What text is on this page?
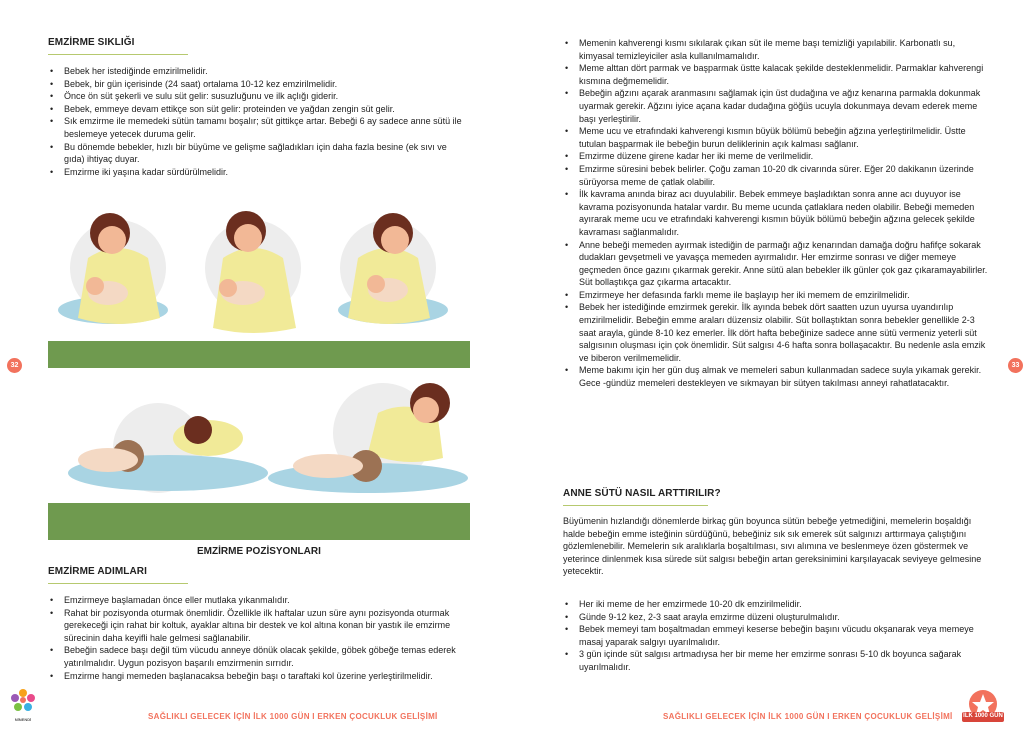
EMZİRME SIKLIĞI
• Bebek her istediğinde emzirilmelidir.
• Bebek, bir gün içerisinde (24 saat) ortalama 10-12 kez emzirilmelidir.
• Önce ön süt şekerli ve sulu süt gelir: susuzluğunu ve ilk açlığı giderir.
• Bebek, emmeye devam ettikçe son süt gelir: proteinden ve yağdan zengin süt gelir.
• Sık emzirme ile memedeki sütün tamamı boşalır; süt gittikçe artar. Bebeği 6 ay sadece anne sütü ile beslemeye yetecek duruma gelir.
• Bu dönemde bebekler, hızlı bir büyüme ve gelişme sağladıkları için daha fazla besine (ek sıvı ve gıda) ihtiyaç duyar.
• Emzirme iki yaşına kadar sürdürülmelidir.
EMZİRME POZİSYONLARI
EMZİRME ADIMLARI
• Emzirmeye başlamadan önce eller mutlaka yıkanmalıdır.
• Rahat bir pozisyonda oturmak önemlidir. Özellikle ilk haftalar uzun süre aynı pozisyonda oturmak gerekeceği için rahat bir koltuk, ayaklar altına bir destek ve kol altına konan bir yastık ile emzirme sürecinin daha keyifli hale gelmesi sağlanabilir.
• Bebeğin sadece başı değil tüm vücudu anneye dönük olacak şekilde, göbek göbeğe temas ederek yatırılmalıdır. Uygun pozisyon başarılı emzirmenin sırrıdır.
• Emzirme hangi memeden başlanacaksa bebeğin başı o taraftaki kol üzerine yerleştirilmelidir.
32
NİNENDİ	SAĞLIKLI GELECEK İÇİN İLK 1000 GÜN I ERKEN ÇOCUKLUK GELİŞİMİ
• Memenin kahverengi kısmı sıkılarak çıkan süt ile meme başı temizliği yapılabilir. Karbonatlı su, kimyasal temizleyiciler asla kullanılmamalıdır.
• Meme alttan dört parmak ve başparmak üstte kalacak şekilde desteklenmelidir. Parmaklar kahverengi kısmına değmemelidir.
• Bebeğin ağzını açarak aranmasını sağlamak için üst dudağına ve ağız kenarına parmakla dokunmak uyarmak gerekir. Ağzını iyice açana kadar dudağına göğüs ucuyla dokunmaya devam ederek meme başı yerleştirilir.
• Meme ucu ve etrafındaki kahverengi kısmın büyük bölümü bebeğin ağzına yerleştirilmelidir. Üstte tutulan başparmak ile bebeğin burun deliklerinin açık kalması sağlanır.
• Emzirme düzene girene kadar her iki meme de verilmelidir.
• Emzirme süresini bebek belirler. Çoğu zaman 10-20 dk civarında sürer. Eğer 20 dakikanın üzerinde sürüyorsa meme de çatlak olabilir.
• İlk kavrama anında biraz acı duyulabilir. Bebek emmeye başladıktan sonra anne acı duyuyor ise kavrama pozisyonunda hatalar vardır. Bu meme ucunda çatlaklara neden olabilir. Bebeği memeden ayırarak meme ucu ve etrafındaki kahverengi kısmın büyük bölümü bebeğin ağzına gelecek şekilde kavraması sağlanmalıdır.
• Anne bebeği memeden ayırmak istediğin de parmağı ağız kenarından damağa doğru hafifçe sokarak dudakları gevşetmeli ve yavaşça memeden ayırmalıdır. Her emzirme sonrası ve diğer memeye geçmeden önce gazını çıkarmak gerekir. Anne sütü alan bebekler ilk günler çok gaz çıkaramayabilirler. Süt bollaştıkça gaz çıkarma artacaktır.
• Emzirmeye her defasında farklı meme ile başlayıp her iki memem de emzirilmelidir.
• Bebek her istediğinde emzirmek gerekir. İlk ayında bebek dört saatten uzun uyursa uyandırılıp emzirilmelidir. Bebeğin emme araları düzensiz olabilir. Süt bollaştıktan sonra bebekler genellikle 2-3 saat arayla, günde 8-10 kez emerler. İlk dört hafta bebeğinize sadece anne sütü vermeniz yeterli süt salgısının oluşması için çok önemlidir. Süt salgısı 4-6 hafta sonra bollaşacaktır. Bu nedenle asla emzik ve biberon verilmemelidir.
• Meme bakımı için her gün duş almak ve memeleri sabun kullanmadan sadece suyla yıkamak gerekir. Gece -gündüz memeleri destekleyen ve sıkmayan bir sütyen takılması anneyi rahatlatacaktır.
ANNE SÜTÜ NASIL ARTTIRILIR?

Büyümenin hızlandığı dönemlerde birkaç gün boyunca sütün bebeğe yetmediğini, memelerin boşaldığı halde bebeğin emme isteğinin sürdüğünü, bebeğiniz sık sık emerek süt salgınızı arttırmaya çalıştığını gözlemlenebilir. Memelerin sık aralıklarla boşaltılması, sıvı alımına ve beslenmeye özen göstermek ve yeterince dinlenmek kısa sürede süt salgısı bebeğin artan gereksinimini karşılayacak seviyeye gelmesine yetecektir.

• Her iki meme de her emzirmede 10-20 dk emzirilmelidir.
• Günde 9-12 kez, 2-3 saat arayla emzirme düzeni oluşturulmalıdır.
• Bebek memeyi tam boşaltmadan emmeyi keserse bebeğin başını vücudu okşanarak veya memeye masaj yaparak salgıyı uyarılmalıdır.
• 3 gün içinde süt salgısı artmadıysa her bir meme her emzirme sonrası 5-10 dk boyunca sağarak uyarılmalıdır.
33
SAĞLIKLI GELECEK İÇİN İLK 1000 GÜN I ERKEN ÇOCUKLUK GELİŞİMİ	İLK 1000 GÜN
